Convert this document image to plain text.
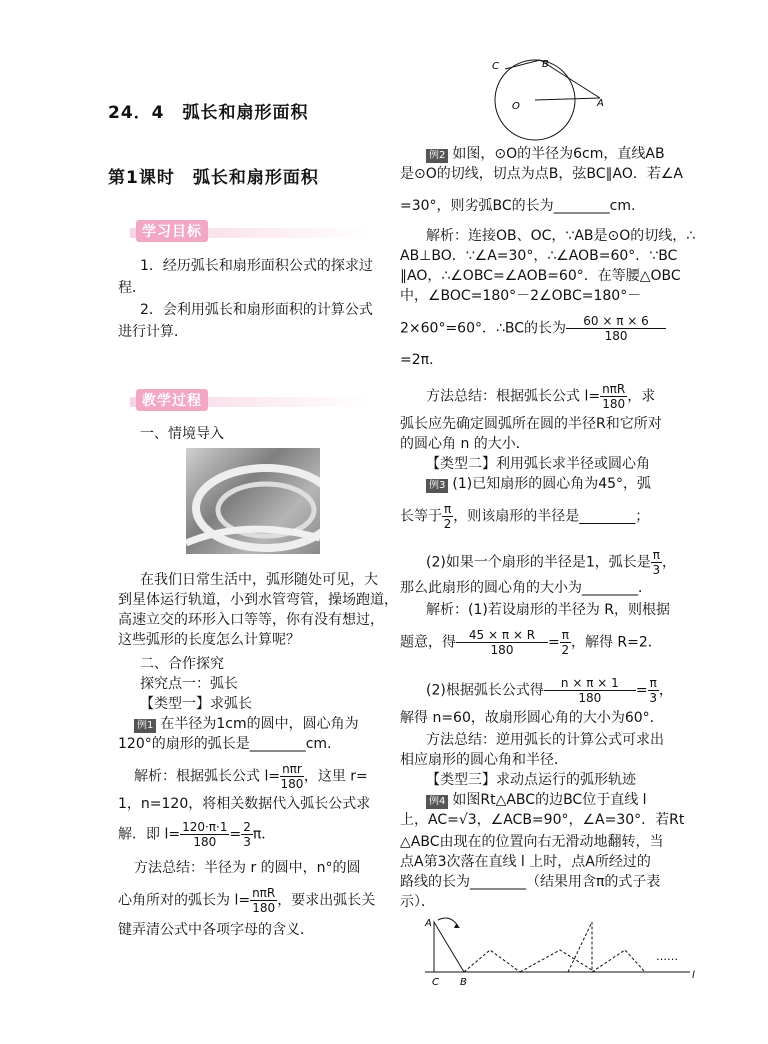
24．4　弧长和扇形面积
第1课时　弧长和扇形面积
学习目标
1．经历弧长和扇形面积公式的探求过
程．
2．会利用弧长和扇形面积的计算公式
进行计算．
教学过程
一、情境导入
在我们日常生活中，弧形随处可见，大
到星体运行轨道，小到水管弯管，操场跑道，
高速立交的环形入口等等，你有没有想过，
这些弧形的长度怎么计算呢？
二、合作探究
探究点一：弧长
【类型一】求弧长
例1 在半径为1cm的圆中，圆心角为
120°的扇形的弧长是________cm.
解析：根据弧长公式 $l= \frac{\text{nπr}}{180}$ ，这里 r=
1，n=120，将相关数据代入弧长公式求
解．即 $l= \frac{120\cdot\pi\cdot 1}{180} = \frac{2}{3}$ π．
方法总结：半径为 r 的圆中，n°的圆
心角所对的弧长为 $l= \frac{\text{nπR}}{180}$ ，要求出弧长关
键弄清公式中各项字母的含义．
C	B
O	A
例2 如图，⊙O的半径为6cm，直线AB
是⊙O的切线，切点为点B，弦BC∥AO．若∠A
=30°，则劣弧BC的长为________cm.
解析：连接OB、OC，∵AB是⊙O的切线，∴
AB⊥BO．∵∠A=30°，∴∠AOB=60°．∵BC
∥AO，∴∠OBC=∠AOB=60°．在等腰△OBC
中，∠BOC=180°－2∠OBC=180°－
2×60°=60°．∴BC的长为 $\frac{60 \times \pi \times 6}{180}$
=2π．
方法总结：根据弧长公式 $l= \frac{\text{nπR}}{180}$ ，求
弧长应先确定圆弧所在圆的半径R和它所对
的圆心角 n 的大小．
【类型二】利用弧长求半径或圆心角
例3 (1)已知扇形的圆心角为45°，弧
长等于 $\frac{\pi}{2}$ ，则该扇形的半径是________；
(2)如果一个扇形的半径是1，弧长是 $\frac{\pi}{3}$ ，
那么此扇形的圆心角的大小为________．
解析：(1)若设扇形的半径为 R，则根据
题意，得 $\frac{45 \times \pi \times R}{180} = \frac{\pi}{2}$ ，解得 R=2．
(2)根据弧长公式得 $\frac{n \times \pi \times 1}{180} = \frac{\pi}{3}$ ，
解得 n=60，故扇形圆心角的大小为60°．
方法总结：逆用弧长的计算公式可求出
相应扇形的圆心角和半径．
【类型三】求动点运行的弧形轨迹
例4 如图Rt△ABC的边BC位于直线 l
上，AC=√3，∠ACB=90°，∠A=30°．若Rt
△ABC由现在的位置向右无滑动地翻转，当
点A第3次落在直线 l 上时，点A所经过的
路线的长为________（结果用含π的式子表
示）．
A
C B
……
l
